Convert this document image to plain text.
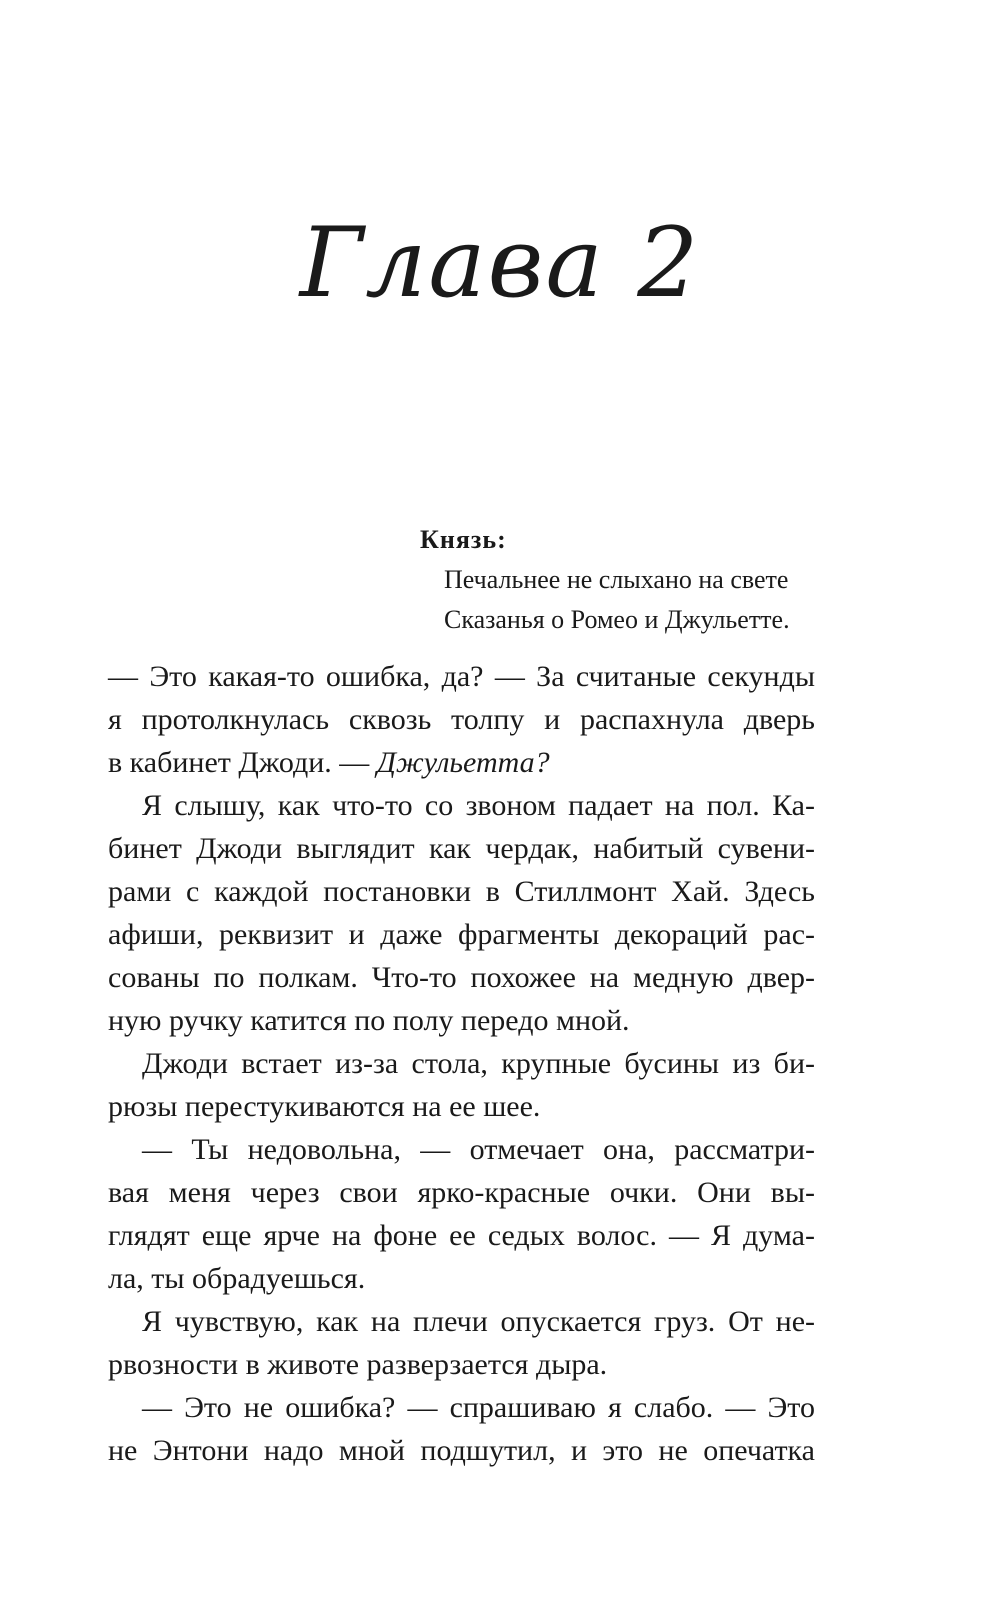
Глава 2
Князь:
Печальнее не слыхано на свете
Сказанья о Ромео и Джульетте.
— Это какая-то ошибка, да? — За считаные секунды
я протолкнулась сквозь толпу и распахнула дверь
в кабинет Джоди. — Джульетта?
Я слышу, как что-то со звоном падает на пол. Ка-
бинет Джоди выглядит как чердак, набитый сувени-
рами с каждой постановки в Стиллмонт Хай. Здесь
афиши, реквизит и даже фрагменты декораций рас-
сованы по полкам. Что-то похожее на медную двер-
ную ручку катится по полу передо мной.
Джоди встает из-за стола, крупные бусины из би-
рюзы перестукиваются на ее шее.
— Ты недовольна, — отмечает она, рассматри-
вая меня через свои ярко-красные очки. Они вы-
глядят еще ярче на фоне ее седых волос. — Я дума-
ла, ты обрадуешься.
Я чувствую, как на плечи опускается груз. От не-
рвозности в животе разверзается дыра.
— Это не ошибка? — спрашиваю я слабо. — Это
не Энтони надо мной подшутил, и это не опечатка
